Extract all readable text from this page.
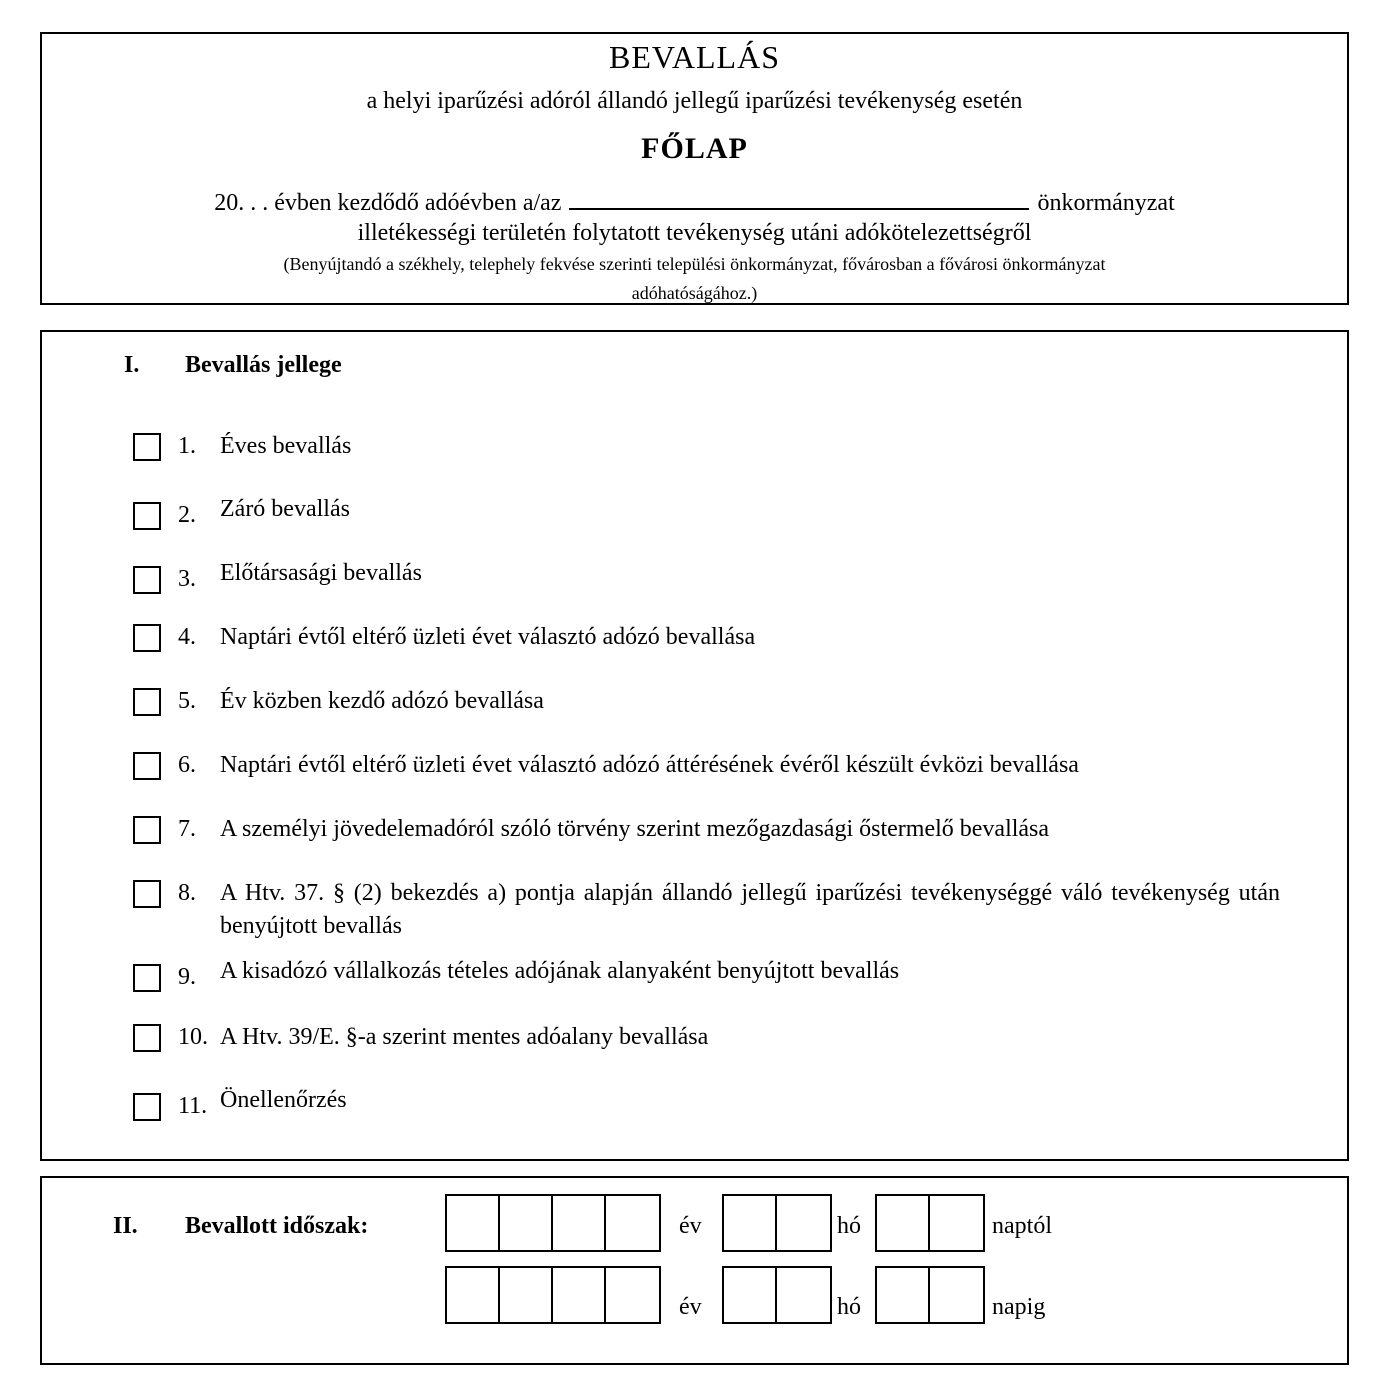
BEVALLÁS
a helyi iparűzési adóról állandó jellegű iparűzési tevékenység esetén
FŐLAP
20. . . évben kezdődő adóévben a/az	önkormányzat
illetékességi területén folytatott tevékenység utáni adókötelezettségről
(Benyújtandó a székhely, telephely fekvése szerinti települési önkormányzat, fővárosban a fővárosi önkormányzat
adóhatóságához.)
I. Bevallás jellege
1. Éves bevallás
2. Záró bevallás
3. Előtársasági bevallás
4. Naptári évtől eltérő üzleti évet választó adózó bevallása
5. Év közben kezdő adózó bevallása
6. Naptári évtől eltérő üzleti évet választó adózó áttérésének évéről készült évközi bevallása
7. A személyi jövedelemadóról szóló törvény szerint mezőgazdasági őstermelő bevallása
8. A Htv. 37. § (2) bekezdés a) pontja alapján állandó jellegű iparűzési tevékenységgé váló tevékenység után benyújtott bevallás
9. A kisadózó vállalkozás tételes adójának alanyaként benyújtott bevallás
10. A Htv. 39/E. §-a szerint mentes adóalany bevallása
11. Önellenőrzés
II. Bevallott időszak:	év	hó	naptól
év	hó	napig
